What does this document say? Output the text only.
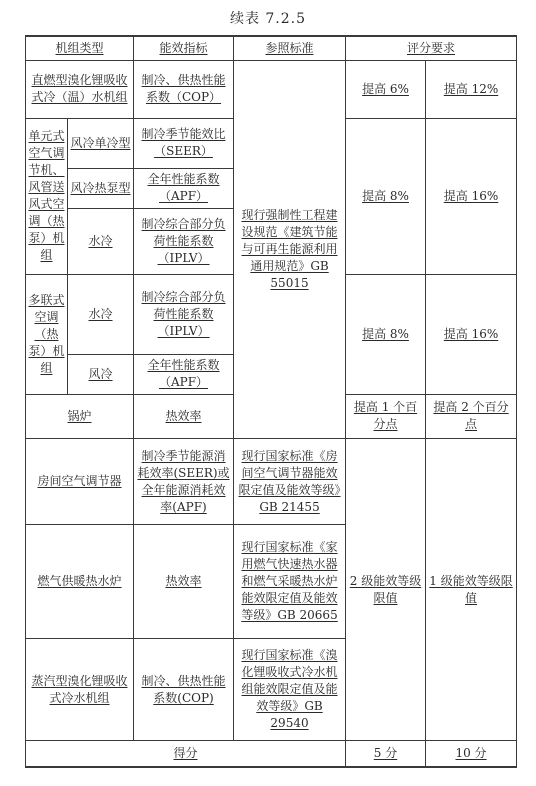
续表 7.2.5
机组类型		能效指标	参照标准	评分要求	
直燃型溴化锂吸收式冷（温）水机组		制冷、供热性能系数（COP）	现行强制性工程建设规范《建筑节能与可再生能源利用通用规范》GB 55015	提高 6%	提高 12%
单元式空气调节机、风管送风式空调（热泵）机组	风冷单冷型	制冷季节能效比（SEER）		提高 8%	提高 16%
	风冷热泵型	全年性能系数（APF）			
	水冷	制冷综合部分负荷性能系数（IPLV）			
多联式空调（热泵）机组	水冷	制冷综合部分负荷性能系数（IPLV）		提高 8%	提高 16%
	风冷	全年性能系数（APF）			
锅炉		热效率		提高 1 个百分点	提高 2 个百分点
房间空气调节器		制冷季节能源消耗效率(SEER)或全年能源消耗效率(APF)	现行国家标准《房间空气调节器能效限定值及能效等级》GB 21455	2 级能效等级限值	1 级能效等级限值
燃气供暖热水炉		热效率	现行国家标准《家用燃气快速热水器和燃气采暖热水炉能效限定值及能效等级》GB 20665		
蒸汽型溴化锂吸收式冷水机组		制冷、供热性能系数(COP)	现行国家标准《溴化锂吸收式冷水机组能效限定值及能效等级》GB 29540		
得分				5 分	10 分
